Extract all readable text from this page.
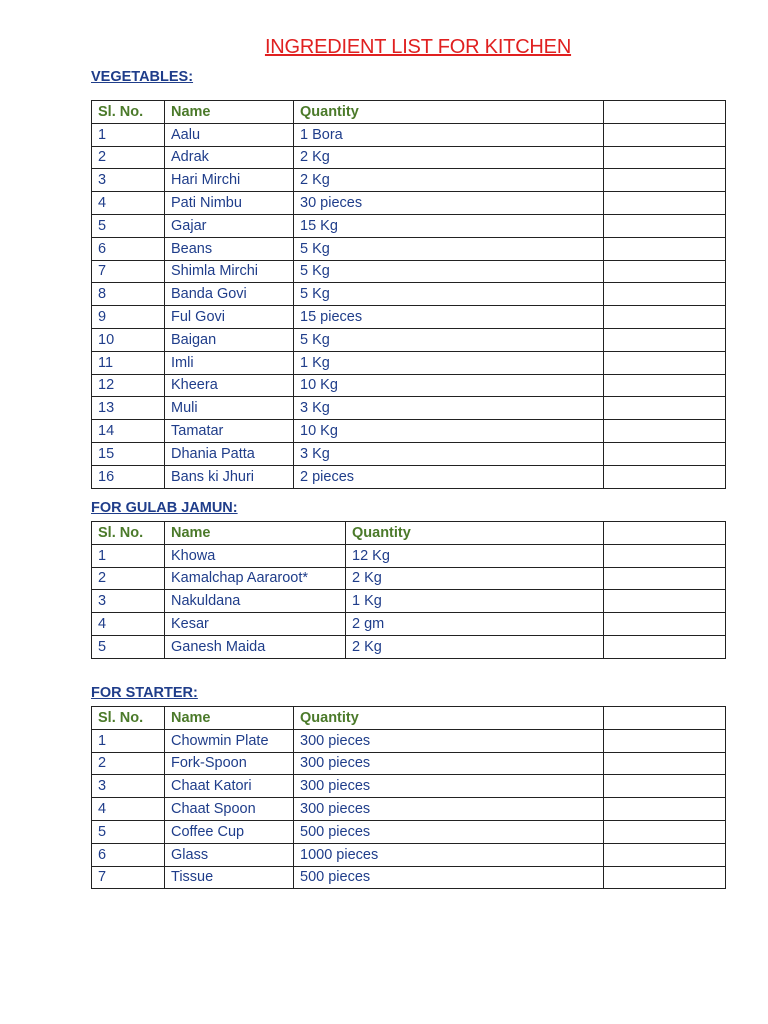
INGREDIENT LIST FOR KITCHEN
VEGETABLES:
Sl. No.	Name	Quantity	
1	Aalu	1 Bora	
2	Adrak	2 Kg	
3	Hari Mirchi	2 Kg	
4	Pati Nimbu	30 pieces	
5	Gajar	15 Kg	
6	Beans	5 Kg	
7	Shimla Mirchi	5 Kg	
8	Banda Govi	5 Kg	
9	Ful Govi	15 pieces	
10	Baigan	5 Kg	
11	Imli	1 Kg	
12	Kheera	10 Kg	
13	Muli	3 Kg	
14	Tamatar	10 Kg	
15	Dhania Patta	3 Kg	
16	Bans ki Jhuri	2 pieces	
FOR GULAB JAMUN:
Sl. No.	Name	Quantity	
1	Khowa	12 Kg	
2	Kamalchap Aararoot*	2 Kg	
3	Nakuldana	1 Kg	
4	Kesar	2 gm	
5	Ganesh Maida	2 Kg	
FOR STARTER:
Sl. No.	Name	Quantity	
1	Chowmin Plate	300 pieces	
2	Fork-Spoon	300 pieces	
3	Chaat Katori	300 pieces	
4	Chaat Spoon	300 pieces	
5	Coffee Cup	500 pieces	
6	Glass	1000 pieces	
7	Tissue	500 pieces	
